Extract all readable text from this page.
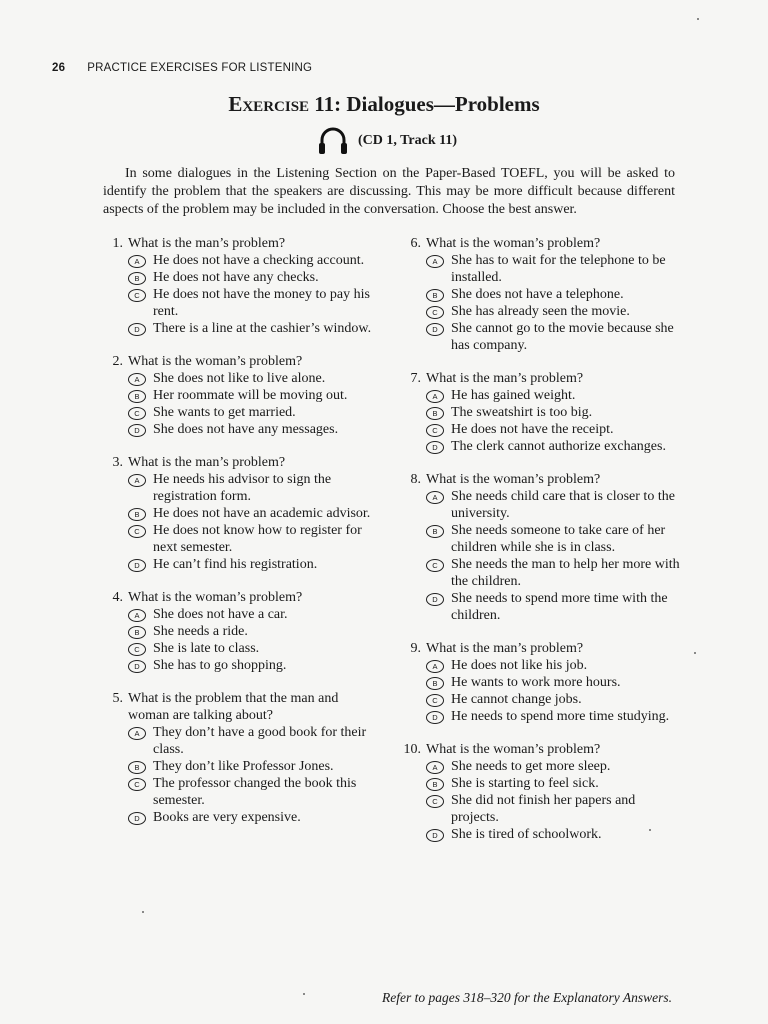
26 PRACTICE EXERCISES FOR LISTENING
Exercise 11: Dialogues—Problems
(CD 1, Track 11)

In some dialogues in the Listening Section on the Paper-Based TOEFL, you will be asked to identify the problem that the speakers are discussing. This may be more difficult because different aspects of the problem may be included in the conversation. Choose the best answer.

1. What is the man’s problem?
A He does not have a checking account.
B He does not have any checks.
C He does not have the money to pay his rent.
D There is a line at the cashier’s window.
2. What is the woman’s problem?
A She does not like to live alone.
B Her roommate will be moving out.
C She wants to get married.
D She does not have any messages.
3. What is the man’s problem?
A He needs his advisor to sign the registration form.
B He does not have an academic advisor.
C He does not know how to register for next semester.
D He can’t find his registration.
4. What is the woman’s problem?
A She does not have a car.
B She needs a ride.
C She is late to class.
D She has to go shopping.
5. What is the problem that the man and woman are talking about?
A They don’t have a good book for their class.
B They don’t like Professor Jones.
C The professor changed the book this semester.
D Books are very expensive.
6. What is the woman’s problem?
A She has to wait for the telephone to be installed.
B She does not have a telephone.
C She has already seen the movie.
D She cannot go to the movie because she has company.
7. What is the man’s problem?
A He has gained weight.
B The sweatshirt is too big.
C He does not have the receipt.
D The clerk cannot authorize exchanges.
8. What is the woman’s problem?
A She needs child care that is closer to the university.
B She needs someone to take care of her children while she is in class.
C She needs the man to help her more with the children.
D She needs to spend more time with the children.
9. What is the man’s problem?
A He does not like his job.
B He wants to work more hours.
C He cannot change jobs.
D He needs to spend more time studying.
10. What is the woman’s problem?
A She needs to get more sleep.
B She is starting to feel sick.
C She did not finish her papers and projects.
D She is tired of schoolwork.
Refer to pages 318–320 for the Explanatory Answers.
